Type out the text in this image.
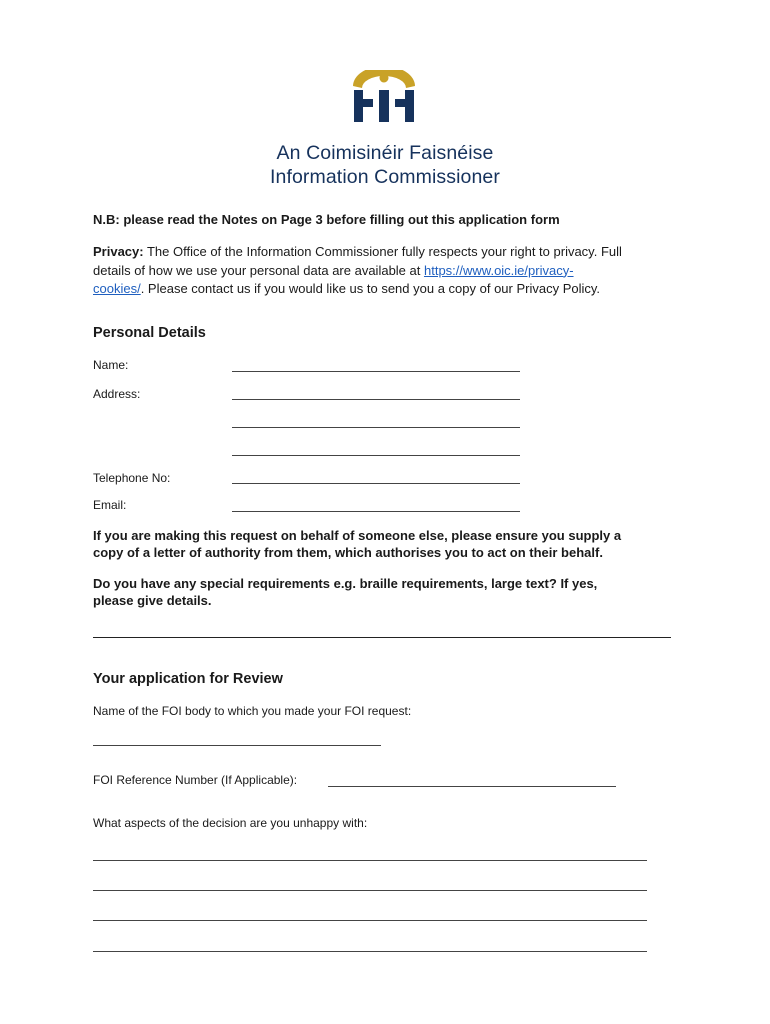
An Coimisinéir Faisnéise
Information Commissioner
N.B: please read the Notes on Page 3 before filling out this application form
Privacy: The Office of the Information Commissioner fully respects your right to privacy. Full
details of how we use your personal data are available at https://www.oic.ie/privacy-
cookies/. Please contact us if you would like us to send you a copy of our Privacy Policy.
Personal Details
Name:
Address:
Telephone No:
Email:
If you are making this request on behalf of someone else, please ensure you supply a
copy of a letter of authority from them, which authorises you to act on their behalf.
Do you have any special requirements e.g. braille requirements, large text? If yes,
please give details.
Your application for Review
Name of the FOI body to which you made your FOI request:
FOI Reference Number (If Applicable):
What aspects of the decision are you unhappy with:
